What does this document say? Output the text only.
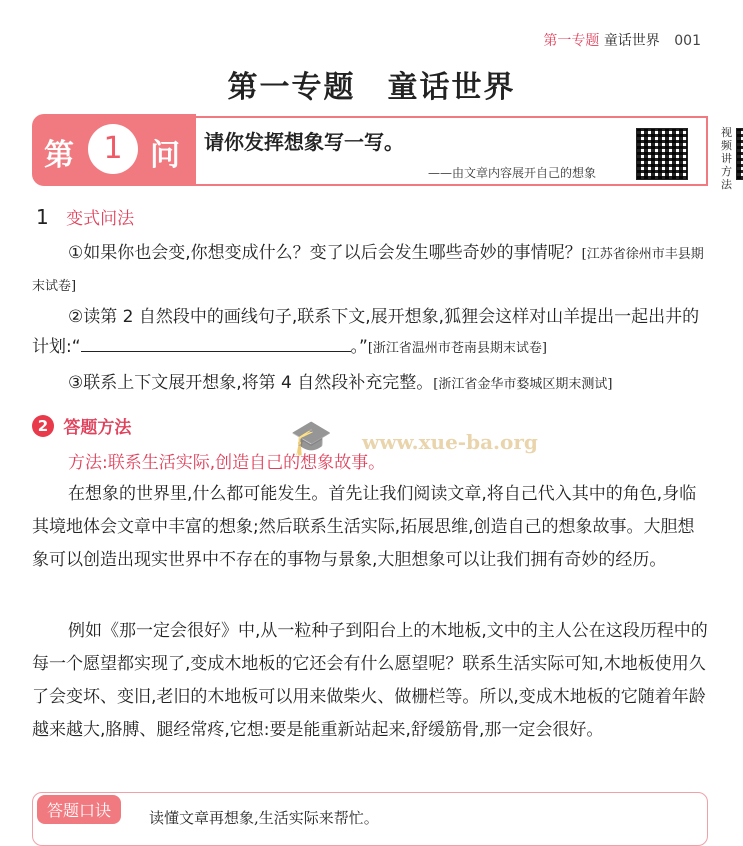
第一专题 童话世界 001
第一专题　童话世界
第 1 问 请你发挥想象写一写。
——由文章内容展开自己的想象
视频讲方法
1 变式问法
①如果你也会变,你想变成什么？变了以后会发生哪些奇妙的事情呢？[江苏省徐州市丰县期末试卷]
②读第 2 自然段中的画线句子,联系下文,展开想象,狐狸会这样对山羊提出一起出井的计划:“	。”[浙江省温州市苍南县期末试卷]
③联系上下文展开想象,将第 4 自然段补充完整。[浙江省金华市婺城区期末测试]
2 答题方法	🎓 www.xue-ba.org
方法:联系生活实际,创造自己的想象故事。
在想象的世界里,什么都可能发生。首先让我们阅读文章,将自己代入其中的角色,身临其境地体会文章中丰富的想象;然后联系生活实际,拓展思维,创造自己的想象故事。大胆想象可以创造出现实世界中不存在的事物与景象,大胆想象可以让我们拥有奇妙的经历。
例如《那一定会很好》中,从一粒种子到阳台上的木地板,文中的主人公在这段历程中的每一个愿望都实现了,变成木地板的它还会有什么愿望呢？联系生活实际可知,木地板使用久了会变坏、变旧,老旧的木地板可以用来做柴火、做栅栏等。所以,变成木地板的它随着年龄越来越大,胳膊、腿经常疼,它想:要是能重新站起来,舒缓筋骨,那一定会很好。
答题口诀	读懂文章再想象,生活实际来帮忙。
